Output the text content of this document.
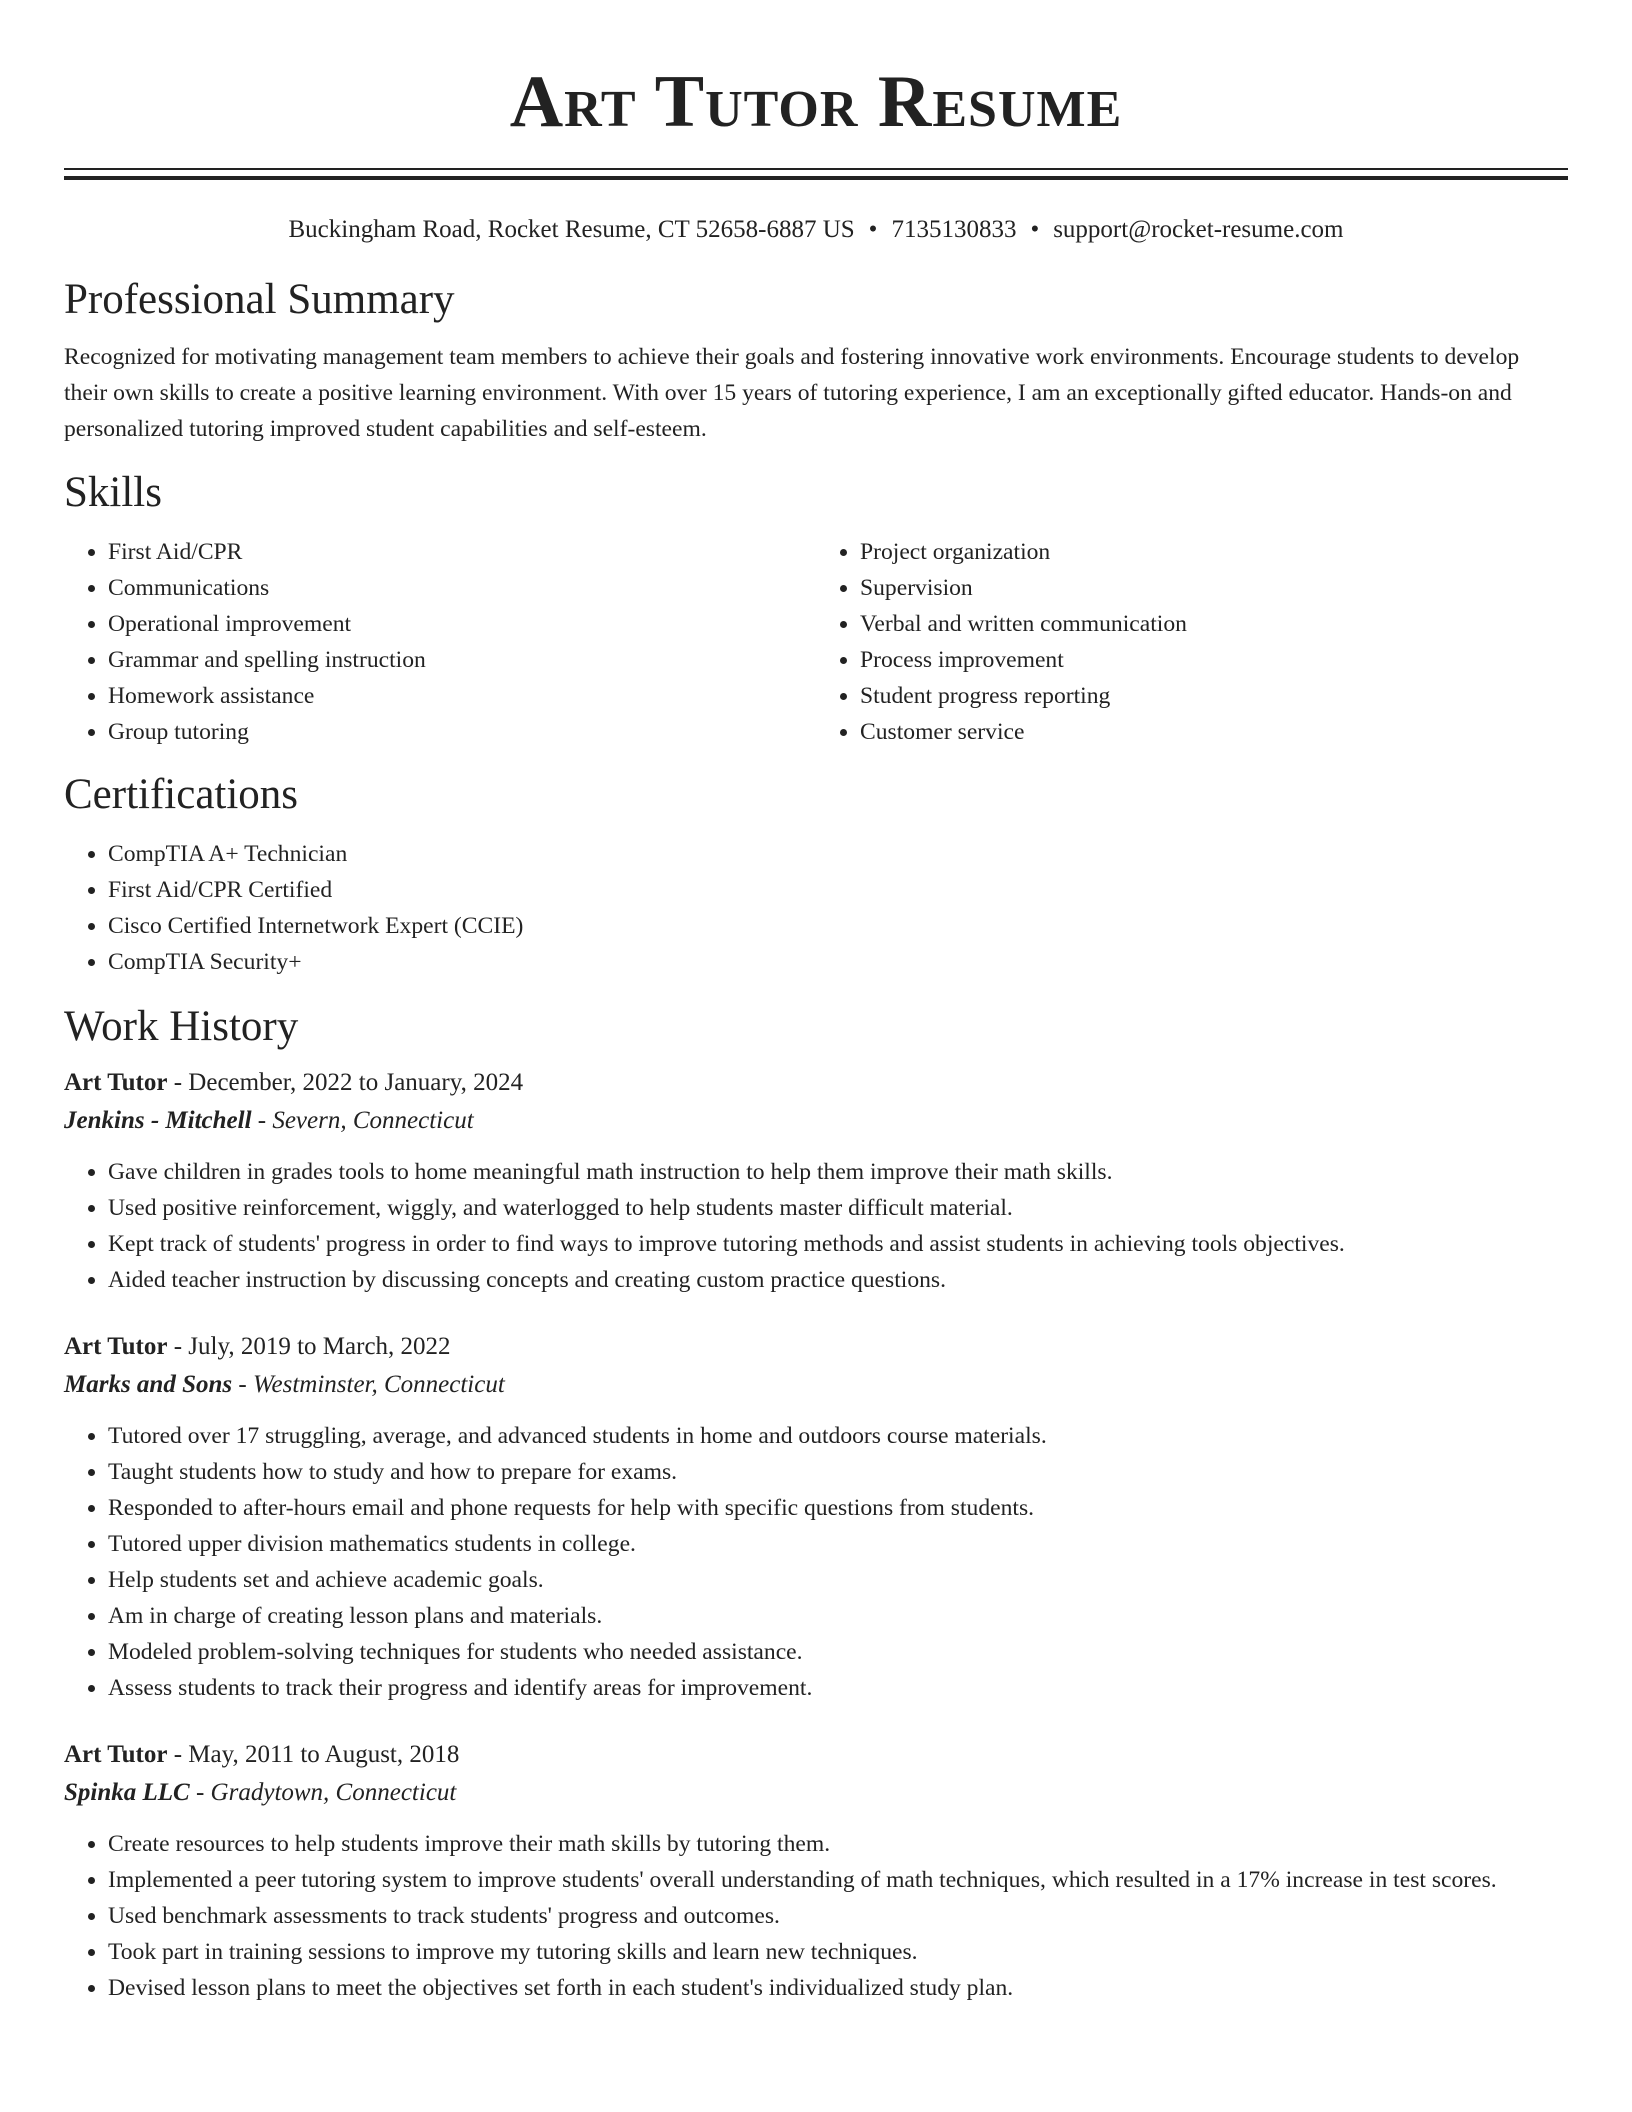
Art Tutor Resume
Buckingham Road, Rocket Resume, CT 52658-6887 US • 7135130833 • support@rocket-resume.com
Professional Summary

Recognized for motivating management team members to achieve their goals and fostering innovative work environments. Encourage students to develop their own skills to create a positive learning environment. With over 15 years of tutoring experience, I am an exceptionally gifted educator. Hands-on and personalized tutoring improved student capabilities and self-esteem.

Skills
• First Aid/CPR
• Communications
• Operational improvement
• Grammar and spelling instruction
• Homework assistance
• Group tutoring
• Project organization
• Supervision
• Verbal and written communication
• Process improvement
• Student progress reporting
• Customer service
Certifications
• CompTIA A+ Technician
• First Aid/CPR Certified
• Cisco Certified Internetwork Expert (CCIE)
• CompTIA Security+
Work History
Art Tutor - December, 2022 to January, 2024
Jenkins - Mitchell - Severn, Connecticut
• Gave children in grades tools to home meaningful math instruction to help them improve their math skills.
• Used positive reinforcement, wiggly, and waterlogged to help students master difficult material.
• Kept track of students' progress in order to find ways to improve tutoring methods and assist students in achieving tools objectives.
• Aided teacher instruction by discussing concepts and creating custom practice questions.
Art Tutor - July, 2019 to March, 2022
Marks and Sons - Westminster, Connecticut
• Tutored over 17 struggling, average, and advanced students in home and outdoors course materials.
• Taught students how to study and how to prepare for exams.
• Responded to after-hours email and phone requests for help with specific questions from students.
• Tutored upper division mathematics students in college.
• Help students set and achieve academic goals.
• Am in charge of creating lesson plans and materials.
• Modeled problem-solving techniques for students who needed assistance.
• Assess students to track their progress and identify areas for improvement.
Art Tutor - May, 2011 to August, 2018
Spinka LLC - Gradytown, Connecticut
• Create resources to help students improve their math skills by tutoring them.
• Implemented a peer tutoring system to improve students' overall understanding of math techniques, which resulted in a 17% increase in test scores.
• Used benchmark assessments to track students' progress and outcomes.
• Took part in training sessions to improve my tutoring skills and learn new techniques.
• Devised lesson plans to meet the objectives set forth in each student's individualized study plan.
